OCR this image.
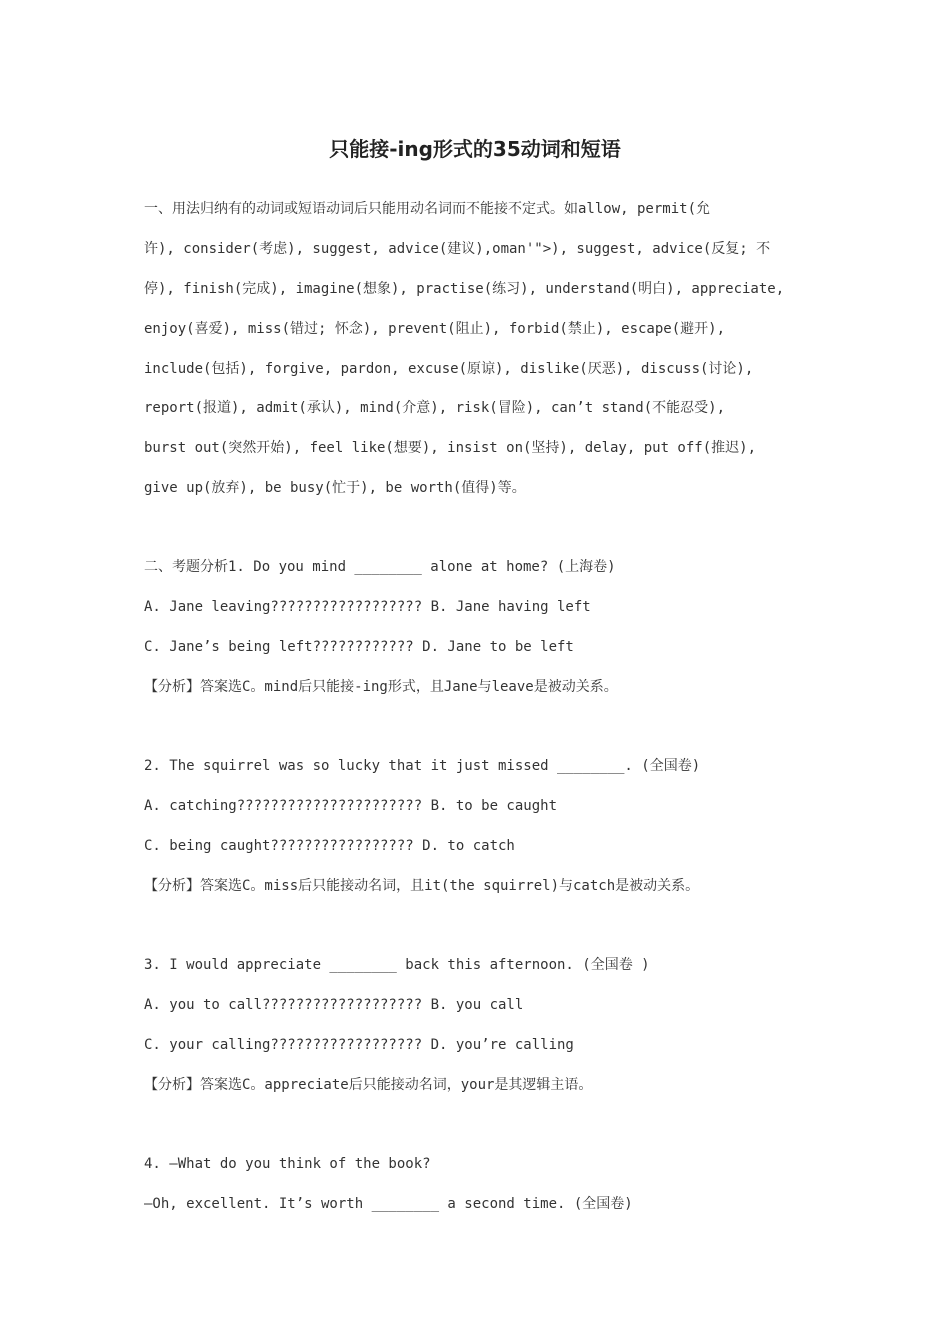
只能接-ing形式的35动词和短语
一、用法归纳有的动词或短语动词后只能用动名词而不能接不定式。如allow, permit(允
许), consider(考虑), suggest, advice(建议),oman'">), suggest, advice(反复; 不
停), finish(完成), imagine(想象), practise(练习), understand(明白), appreciate,
enjoy(喜爱), miss(错过; 怀念), prevent(阻止), forbid(禁止), escape(避开),
include(包括), forgive, pardon, excuse(原谅), dislike(厌恶), discuss(讨论),
report(报道), admit(承认), mind(介意), risk(冒险), can’t stand(不能忍受),
burst out(突然开始), feel like(想要), insist on(坚持), delay, put off(推迟),
give up(放弃), be busy(忙于), be worth(值得)等。
二、考题分析1. Do you mind ________ alone at home? (上海卷)
A. Jane leaving?????????????????? B. Jane having left
C. Jane’s being left???????????? D. Jane to be left
【分析】答案选C。mind后只能接-ing形式，且Jane与leave是被动关系。
2. The squirrel was so lucky that it just missed ________. (全国卷)
A. catching?????????????????????? B. to be caught
C. being caught????????????????? D. to catch
【分析】答案选C。miss后只能接动名词，且it(the squirrel)与catch是被动关系。
3. I would appreciate ________ back this afternoon. (全国卷 )
A. you to call??????????????????? B. you call
C. your calling?????????????????? D. you’re calling
【分析】答案选C。appreciate后只能接动名词，your是其逻辑主语。
4. —What do you think of the book?
—Oh, excellent. It’s worth ________ a second time. (全国卷)
